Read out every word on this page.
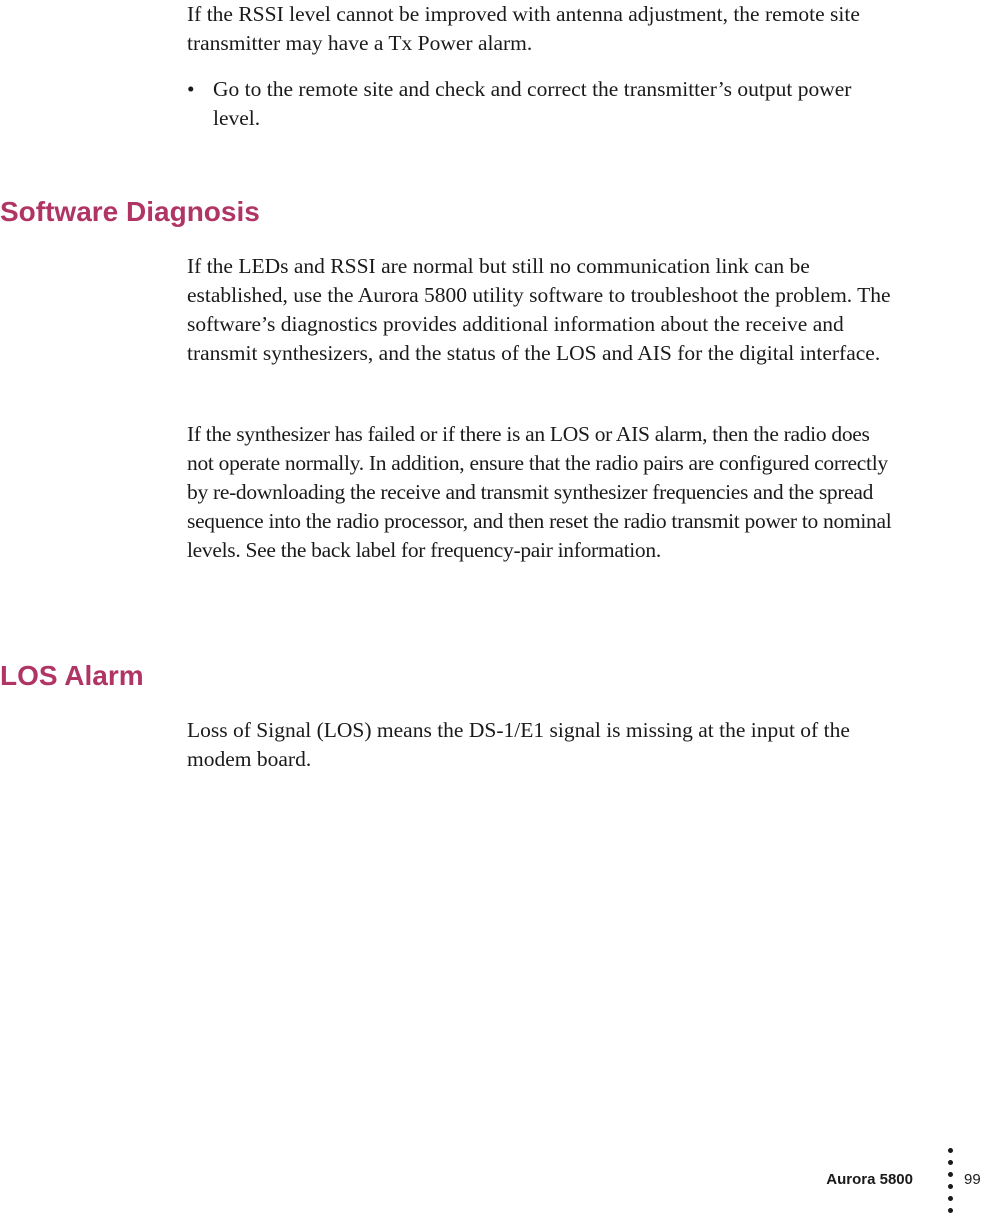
If the RSSI level cannot be improved with antenna adjustment, the remote site transmitter may have a Tx Power alarm.

• Go to the remote site and check and correct the transmitter’s output power level.
Software Diagnosis

If the LEDs and RSSI are normal but still no communication link can be established, use the Aurora 5800 utility software to troubleshoot the problem. The software’s diagnostics provides additional information about the receive and transmit synthesizers, and the status of the LOS and AIS for the digital interface.

If the synthesizer has failed or if there is an LOS or AIS alarm, then the radio does not operate normally. In addition, ensure that the radio pairs are configured correctly by re-downloading the receive and transmit synthesizer frequencies and the spread sequence into the radio processor, and then reset the radio transmit power to nominal levels. See the back label for frequency-pair information.

LOS Alarm

Loss of Signal (LOS) means the DS-1/E1 signal is missing at the input of the modem board.

Aurora 5800	99
